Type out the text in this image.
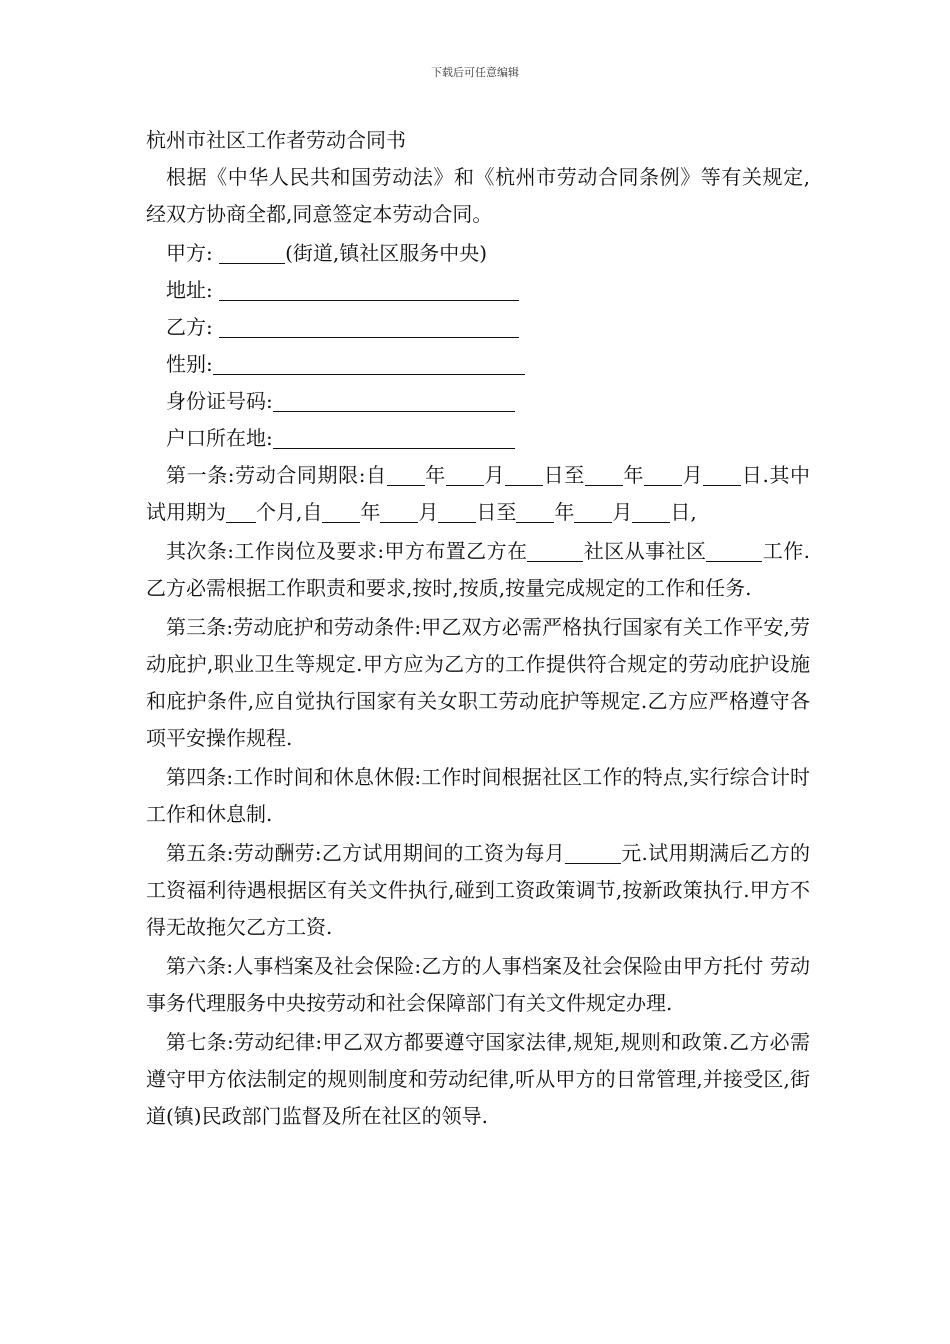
下载后可任意编辑

杭州市社区工作者劳动合同书

根据《中华人民共和国劳动法》和《杭州市劳动合同条例》等有关规定,经双方协商全都,同意签定本劳动合同。

甲方:	(街道,镇社区服务中央)

地址:

乙方:

性别:

身份证号码:

户口所在地:

第一条:劳动合同期限:自 年 月 日至 年 月 日.其中试用期为 个月,自 年 月 日至 年 月 日,

其次条:工作岗位及要求:甲方布置乙方在	社区从事社区	工作.乙方必需根据工作职责和要求,按时,按质,按量完成规定的工作和任务.

第三条:劳动庇护和劳动条件:甲乙双方必需严格执行国家有关工作平安,劳动庇护,职业卫生等规定.甲方应为乙方的工作提供符合规定的劳动庇护设施和庇护条件,应自觉执行国家有关女职工劳动庇护等规定.乙方应严格遵守各项平安操作规程.

第四条:工作时间和休息休假:工作时间根据社区工作的特点,实行综合计时工作和休息制.

第五条:劳动酬劳:乙方试用期间的工资为每月	元.试用期满后乙方的工资福利待遇根据区有关文件执行,碰到工资政策调节,按新政策执行.甲方不得无故拖欠乙方工资.

第六条:人事档案及社会保险:乙方的人事档案及社会保险由甲方托付 劳动事务代理服务中央按劳动和社会保障部门有关文件规定办理.

第七条:劳动纪律:甲乙双方都要遵守国家法律,规矩,规则和政策.乙方必需遵守甲方依法制定的规则制度和劳动纪律,听从甲方的日常管理,并接受区,街道(镇)民政部门监督及所在社区的领导.
